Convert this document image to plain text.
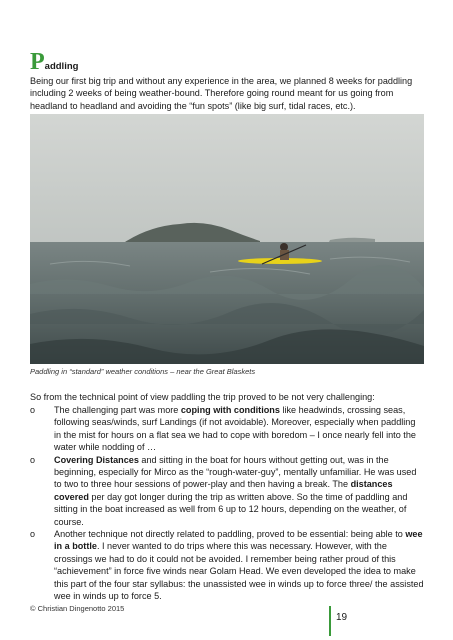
Paddling

Being our first big trip and without any experience in the area, we planned 8 weeks for paddling including 2 weeks of being weather-bound. Therefore going round meant for us going from headland to headland and avoiding the “fun spots” (like big surf, tidal races, etc.).

Paddling in “standard” weather conditions – near the Great Blaskets

So from the technical point of view paddling the trip proved to be not very challenging:

o The challenging part was more coping with conditions like headwinds, crossing seas, following seas/winds, surf Landings (if not avoidable). Moreover, especially when paddling in the mist for hours on a flat sea we had to cope with boredom – I once nearly fell into the water while nodding of …
o Covering Distances and sitting in the boat for hours without getting out, was in the beginning, especially for Mirco as the “rough-water-guy”, mentally unfamiliar. He was used to two to three hour sessions of power-play and then having a break. The distances covered per day got longer during the trip as written above. So the time of paddling and sitting in the boat increased as well from 6 up to 12 hours, depending on the weather, of course.
o Another technique not directly related to paddling, proved to be essential: being able to wee in a bottle. I never wanted to do trips where this was necessary. However, with the crossings we had to do it could not be avoided. I remember being rather proud of this “achievement” in force five winds near Golam Head. We even developed the idea to make this part of the four star syllabus: the unassisted wee in winds up to force three/ the assisted wee in winds up to force 5.
© Christian Dingenotto 2015
19
